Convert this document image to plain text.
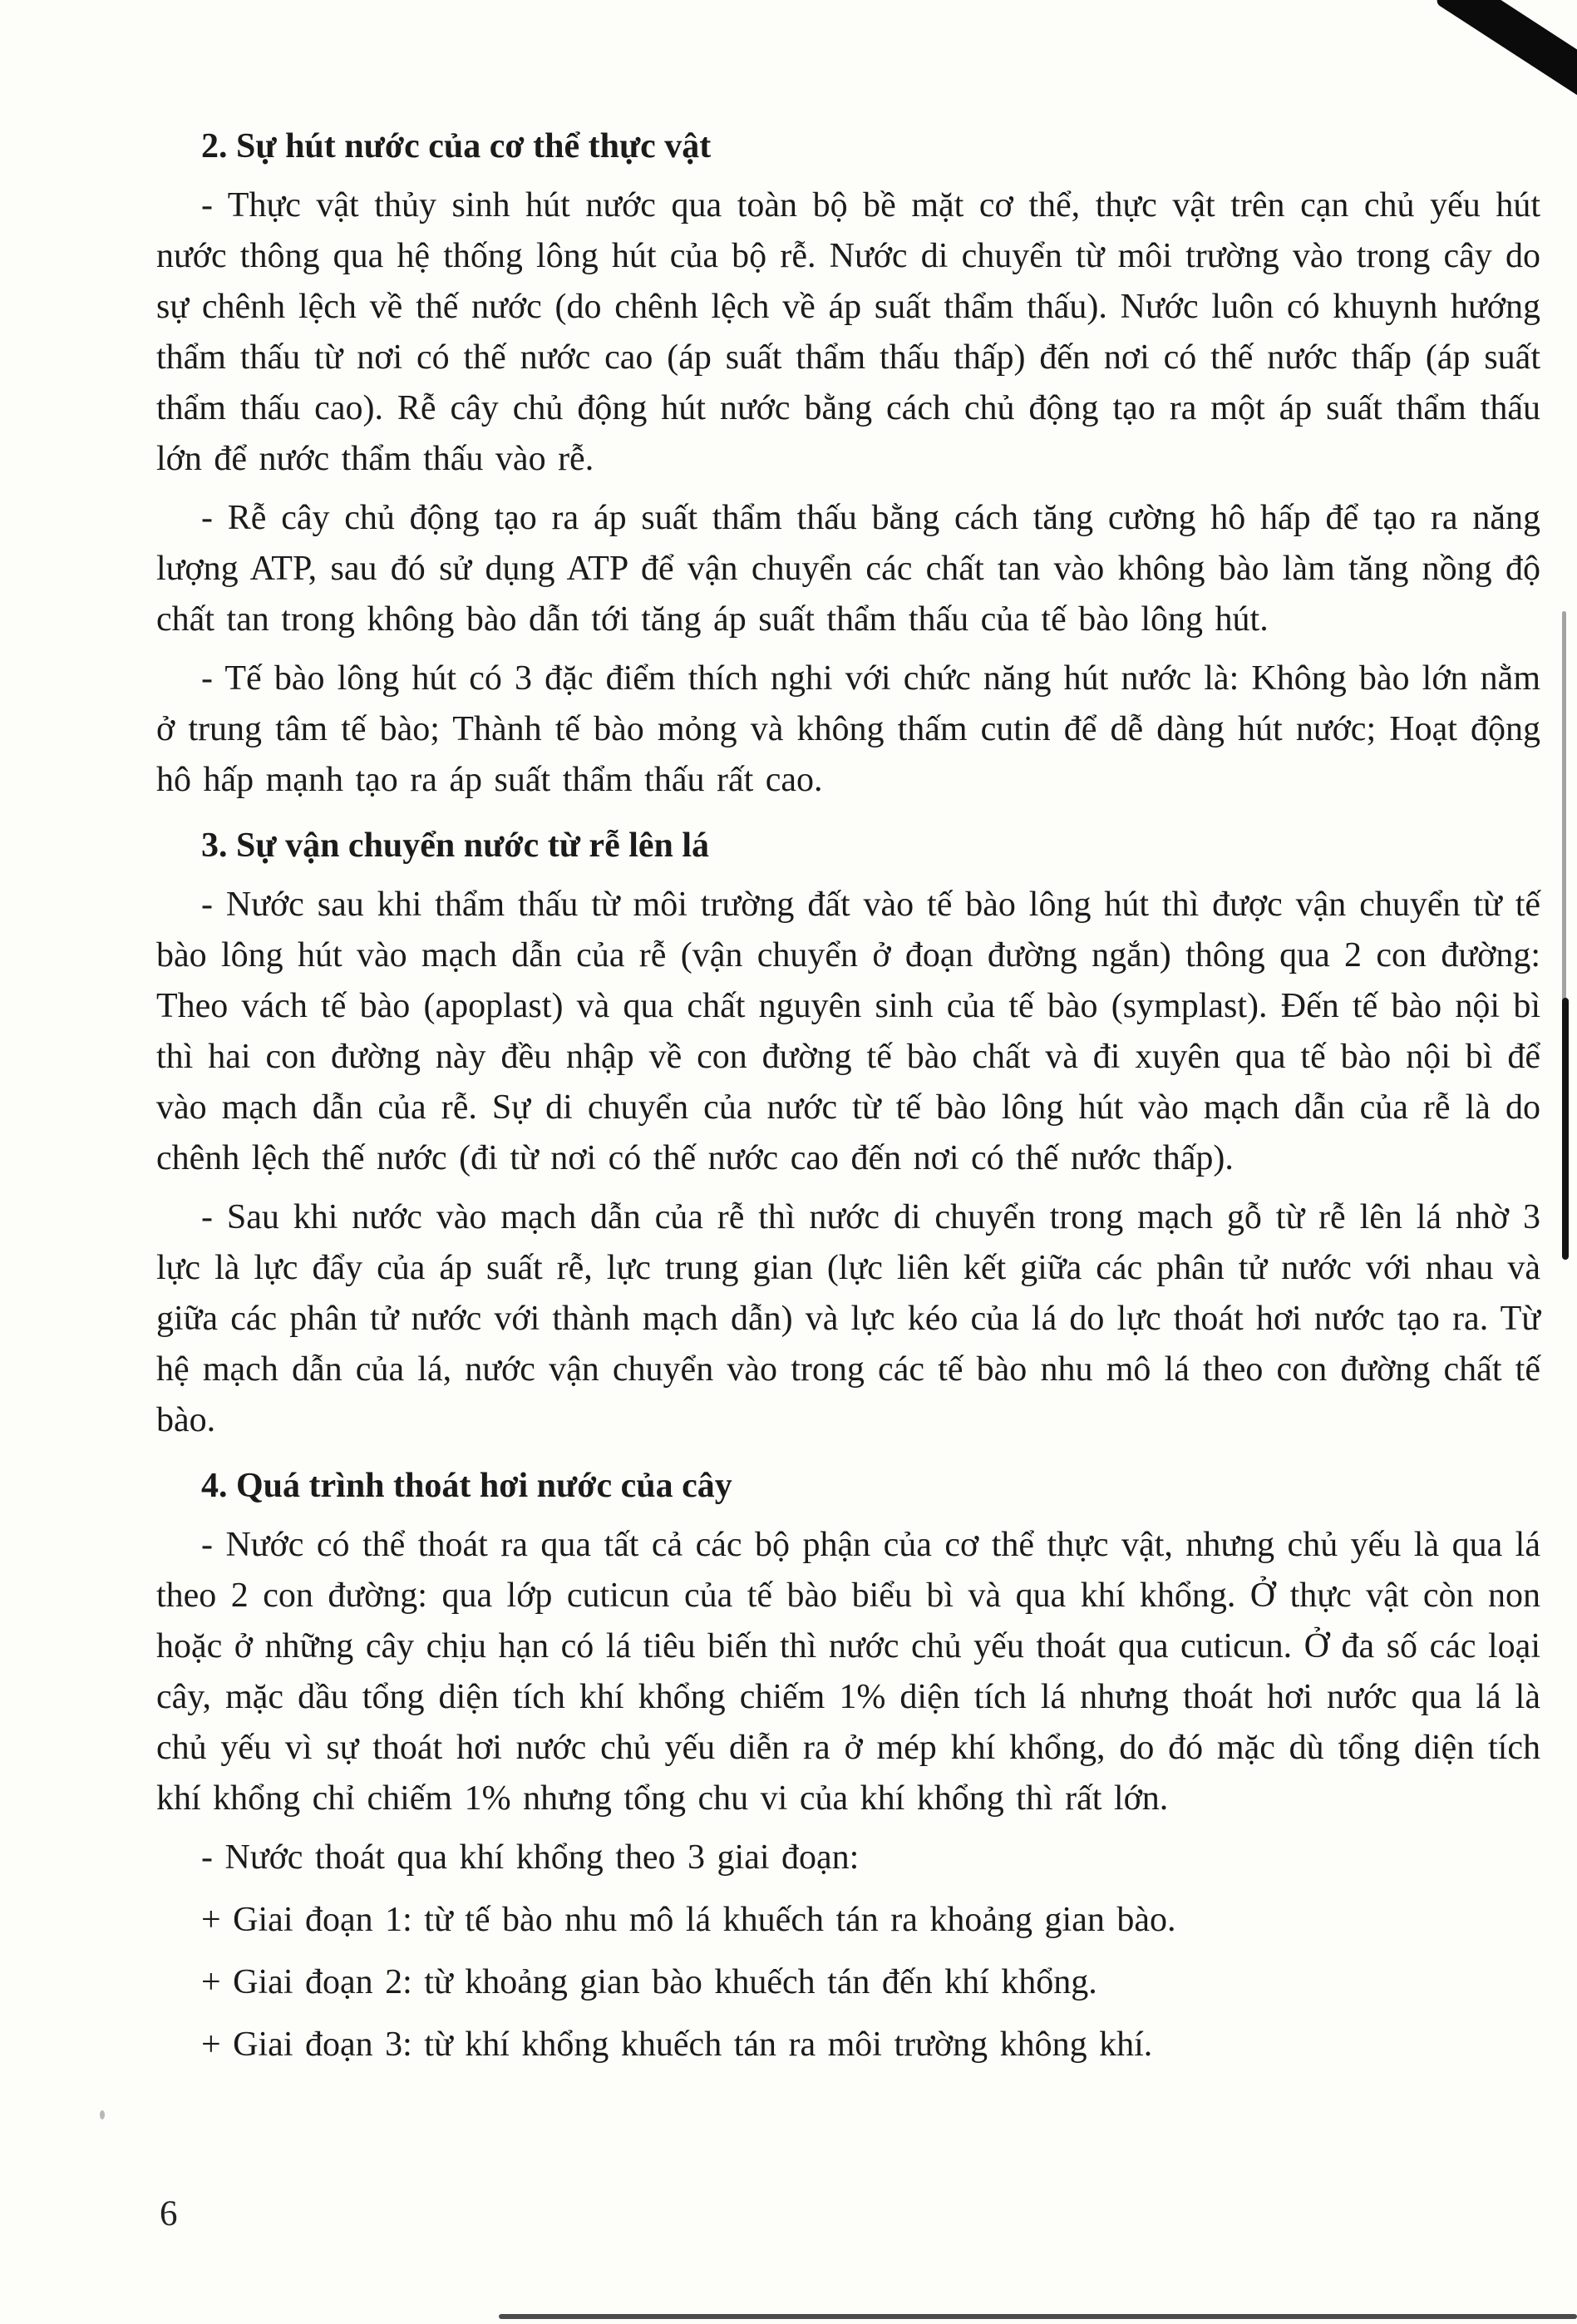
2. Sự hút nước của cơ thể thực vật

- Thực vật thủy sinh hút nước qua toàn bộ bề mặt cơ thể, thực vật trên cạn chủ yếu hút nước thông qua hệ thống lông hút của bộ rễ. Nước di chuyển từ môi trường vào trong cây do sự chênh lệch về thế nước (do chênh lệch về áp suất thẩm thấu). Nước luôn có khuynh hướng thẩm thấu từ nơi có thế nước cao (áp suất thẩm thấu thấp) đến nơi có thế nước thấp (áp suất thẩm thấu cao). Rễ cây chủ động hút nước bằng cách chủ động tạo ra một áp suất thẩm thấu lớn để nước thẩm thấu vào rễ.

- Rễ cây chủ động tạo ra áp suất thẩm thấu bằng cách tăng cường hô hấp để tạo ra năng lượng ATP, sau đó sử dụng ATP để vận chuyển các chất tan vào không bào làm tăng nồng độ chất tan trong không bào dẫn tới tăng áp suất thẩm thấu của tế bào lông hút.

- Tế bào lông hút có 3 đặc điểm thích nghi với chức năng hút nước là: Không bào lớn nằm ở trung tâm tế bào; Thành tế bào mỏng và không thấm cutin để dễ dàng hút nước; Hoạt động hô hấp mạnh tạo ra áp suất thẩm thấu rất cao.

3. Sự vận chuyển nước từ rễ lên lá

- Nước sau khi thẩm thấu từ môi trường đất vào tế bào lông hút thì được vận chuyển từ tế bào lông hút vào mạch dẫn của rễ (vận chuyển ở đoạn đường ngắn) thông qua 2 con đường: Theo vách tế bào (apoplast) và qua chất nguyên sinh của tế bào (symplast). Đến tế bào nội bì thì hai con đường này đều nhập về con đường tế bào chất và đi xuyên qua tế bào nội bì để vào mạch dẫn của rễ. Sự di chuyển của nước từ tế bào lông hút vào mạch dẫn của rễ là do chênh lệch thế nước (đi từ nơi có thế nước cao đến nơi có thế nước thấp).

- Sau khi nước vào mạch dẫn của rễ thì nước di chuyển trong mạch gỗ từ rễ lên lá nhờ 3 lực là lực đẩy của áp suất rễ, lực trung gian (lực liên kết giữa các phân tử nước với nhau và giữa các phân tử nước với thành mạch dẫn) và lực kéo của lá do lực thoát hơi nước tạo ra. Từ hệ mạch dẫn của lá, nước vận chuyển vào trong các tế bào nhu mô lá theo con đường chất tế bào.

4. Quá trình thoát hơi nước của cây

- Nước có thể thoát ra qua tất cả các bộ phận của cơ thể thực vật, nhưng chủ yếu là qua lá theo 2 con đường: qua lớp cuticun của tế bào biểu bì và qua khí khổng. Ở thực vật còn non hoặc ở những cây chịu hạn có lá tiêu biến thì nước chủ yếu thoát qua cuticun. Ở đa số các loại cây, mặc dầu tổng diện tích khí khổng chiếm 1% diện tích lá nhưng thoát hơi nước qua lá là chủ yếu vì sự thoát hơi nước chủ yếu diễn ra ở mép khí khổng, do đó mặc dù tổng diện tích khí khổng chỉ chiếm 1% nhưng tổng chu vi của khí khổng thì rất lớn.

- Nước thoát qua khí khổng theo 3 giai đoạn:

+ Giai đoạn 1: từ tế bào nhu mô lá khuếch tán ra khoảng gian bào.

+ Giai đoạn 2: từ khoảng gian bào khuếch tán đến khí khổng.

+ Giai đoạn 3: từ khí khổng khuếch tán ra môi trường không khí.

6
